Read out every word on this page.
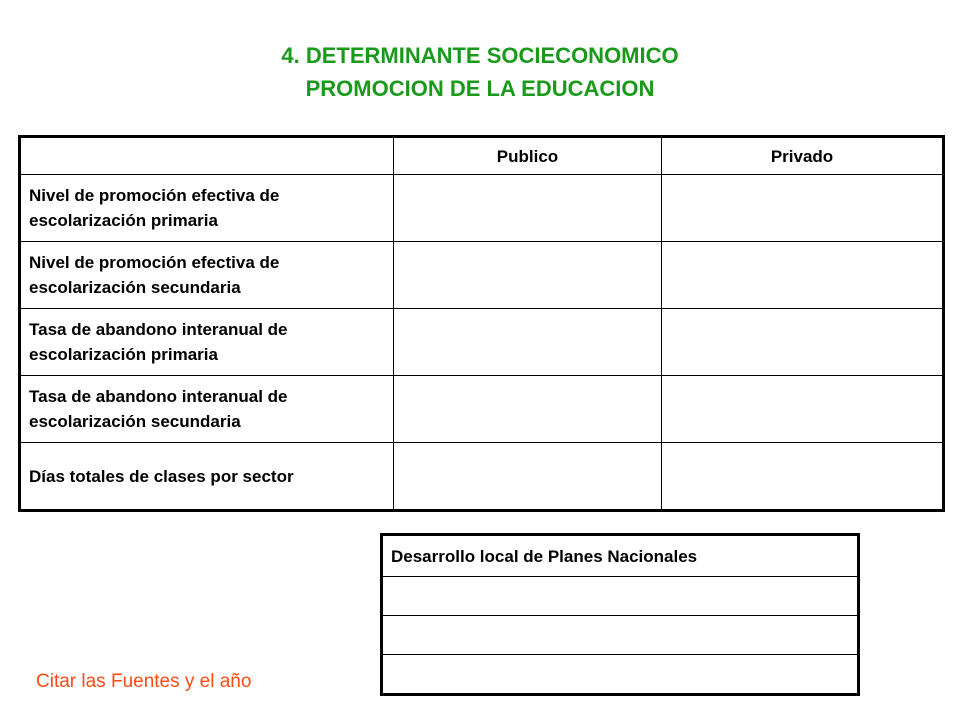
4. DETERMINANTE SOCIECONOMICO
PROMOCION DE LA EDUCACION
	Publico	Privado
Nivel de promoción efectiva de escolarización primaria		
Nivel de promoción efectiva de escolarización secundaria		
Tasa de abandono interanual de escolarización primaria		
Tasa de abandono interanual de escolarización secundaria		
Días totales de clases por sector		
Desarrollo local de Planes Nacionales

Citar las Fuentes y el año
